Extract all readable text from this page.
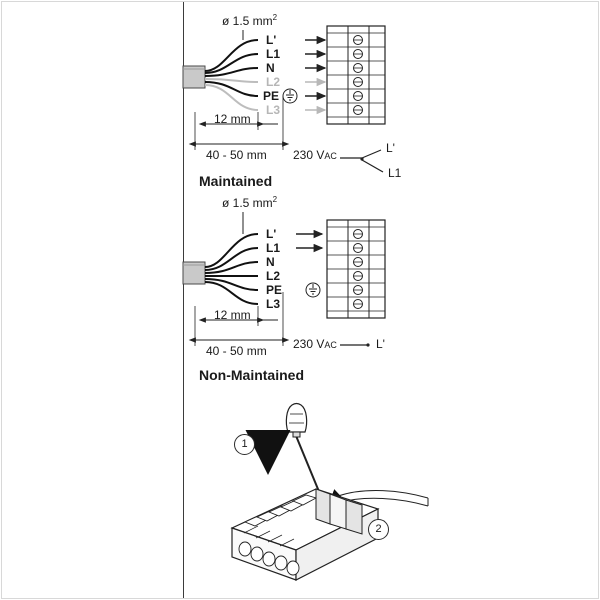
ø 1.5 $mm^2$
L'
L1
N
L2
PE
L3
12 mm
40 - 50 mm 230 VAC
L'
L1
Maintained
ø 1.5 $mm^2$
L'
L1
N
L2
PE
L3
12 mm
40 - 50 mm 230 VAC	L'
Non-Maintained
1
2
